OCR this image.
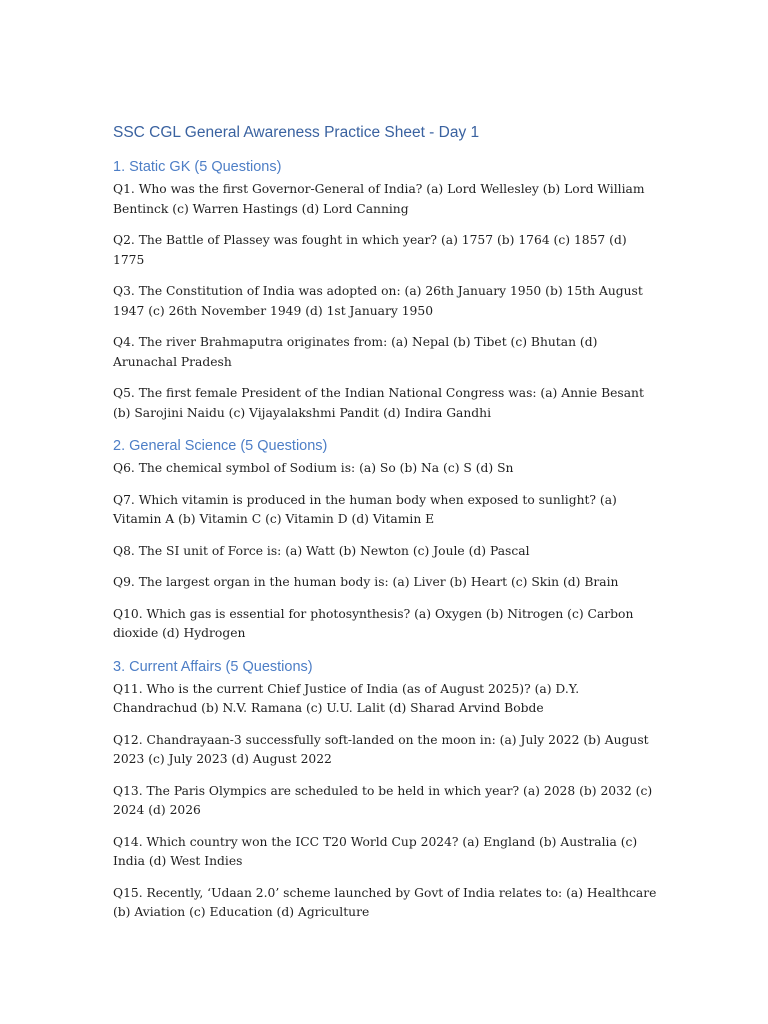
SSC CGL General Awareness Practice Sheet - Day 1
1. Static GK (5 Questions)

Q1. Who was the first Governor-General of India? (a) Lord Wellesley (b) Lord William Bentinck (c) Warren Hastings (d) Lord Canning

Q2. The Battle of Plassey was fought in which year? (a) 1757 (b) 1764 (c) 1857 (d) 1775

Q3. The Constitution of India was adopted on: (a) 26th January 1950 (b) 15th August 1947 (c) 26th November 1949 (d) 1st January 1950

Q4. The river Brahmaputra originates from: (a) Nepal (b) Tibet (c) Bhutan (d) Arunachal Pradesh

Q5. The first female President of the Indian National Congress was: (a) Annie Besant (b) Sarojini Naidu (c) Vijayalakshmi Pandit (d) Indira Gandhi

2. General Science (5 Questions)

Q6. The chemical symbol of Sodium is: (a) So (b) Na (c) S (d) Sn

Q7. Which vitamin is produced in the human body when exposed to sunlight? (a) Vitamin A (b) Vitamin C (c) Vitamin D (d) Vitamin E

Q8. The SI unit of Force is: (a) Watt (b) Newton (c) Joule (d) Pascal

Q9. The largest organ in the human body is: (a) Liver (b) Heart (c) Skin (d) Brain

Q10. Which gas is essential for photosynthesis? (a) Oxygen (b) Nitrogen (c) Carbon dioxide (d) Hydrogen

3. Current Affairs (5 Questions)

Q11. Who is the current Chief Justice of India (as of August 2025)? (a) D.Y. Chandrachud (b) N.V. Ramana (c) U.U. Lalit (d) Sharad Arvind Bobde

Q12. Chandrayaan-3 successfully soft-landed on the moon in: (a) July 2022 (b) August 2023 (c) July 2023 (d) August 2022

Q13. The Paris Olympics are scheduled to be held in which year? (a) 2028 (b) 2032 (c) 2024 (d) 2026

Q14. Which country won the ICC T20 World Cup 2024? (a) England (b) Australia (c) India (d) West Indies

Q15. Recently, ‘Udaan 2.0’ scheme launched by Govt of India relates to: (a) Healthcare (b) Aviation (c) Education (d) Agriculture
